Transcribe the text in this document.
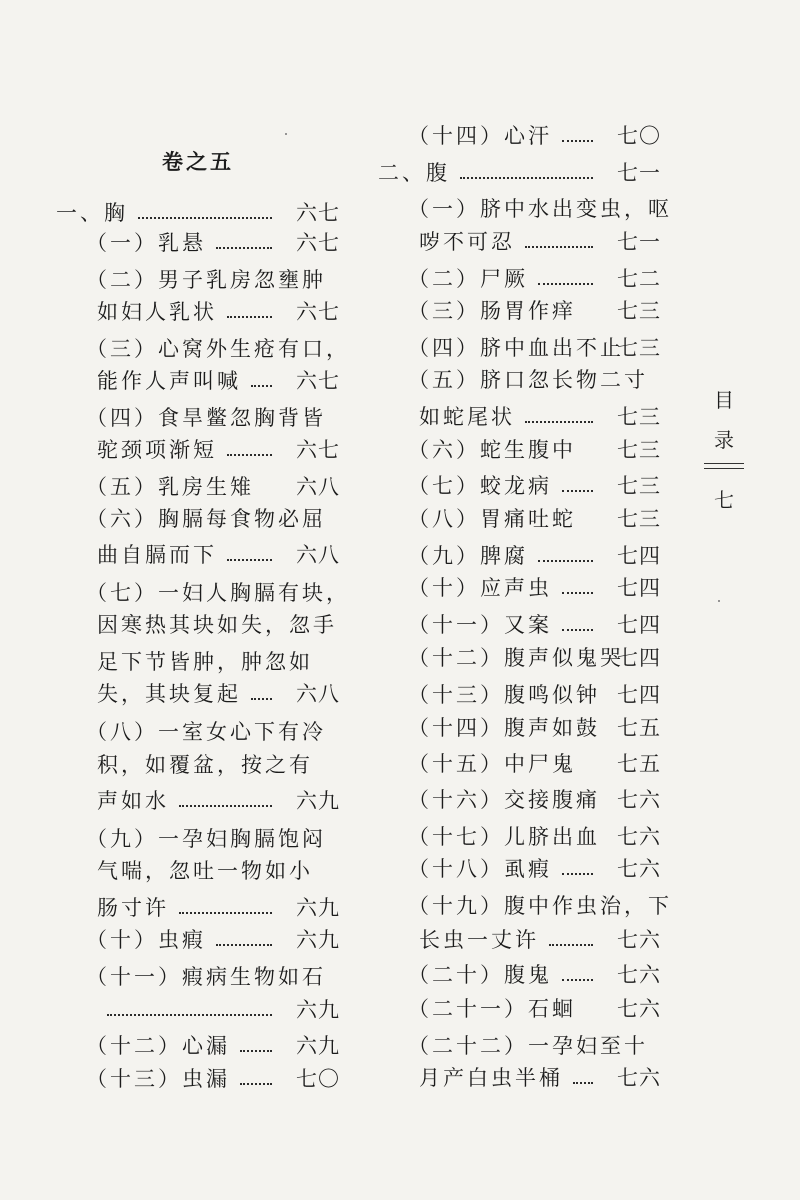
卷之五
一、胸	六七
（一）乳悬	六七
（二）男子乳房忽壅肿
如妇人乳状	六七
（三）心窝外生疮有口，
能作人声叫喊	六七
（四）食旱鳖忽胸背皆
驼颈项渐短	六七
（五）乳房生雉 六八
（六）胸膈每食物必屈
曲自膈而下	六八
（七）一妇人胸膈有块，
因寒热其块如失，忽手
足下节皆肿，肿忽如
失，其块复起	六八
（八）一室女心下有冷
积，如覆盆，按之有
声如水	六九
（九）一孕妇胸膈饱闷
气喘，忽吐一物如小
肠寸许	六九
（十）虫瘕	六九
（十一）瘕病生物如石
六九
（十二）心漏	六九
（十三）虫漏	七〇
（十四）心汗	七〇
二、腹	七一
（一）脐中水出变虫，呕
哕不可忍	七一
（二）尸厥	七二
（三）肠胃作痒 七三
（四）脐中血出不止
七三
（五）脐口忽长物二寸
如蛇尾状	七三
（六）蛇生腹中 七三
（七）蛟龙病	七三
（八）胃痛吐蛇 七三
（九）脾腐	七四
（十）应声虫	七四
（十一）又案	七四
（十二）腹声似鬼哭
七四
（十三）腹鸣似钟 七四
（十四）腹声如鼓 七五
（十五）中尸鬼 七五
（十六）交接腹痛 七六
（十七）儿脐出血 七六
（十八）虱瘕	七六
（十九）腹中作虫治，下
长虫一丈许	七六
（二十）腹鬼	七六
（二十一）石蛔 七六
（二十二）一孕妇至十
月产白虫半桶	七六
目
录
七
